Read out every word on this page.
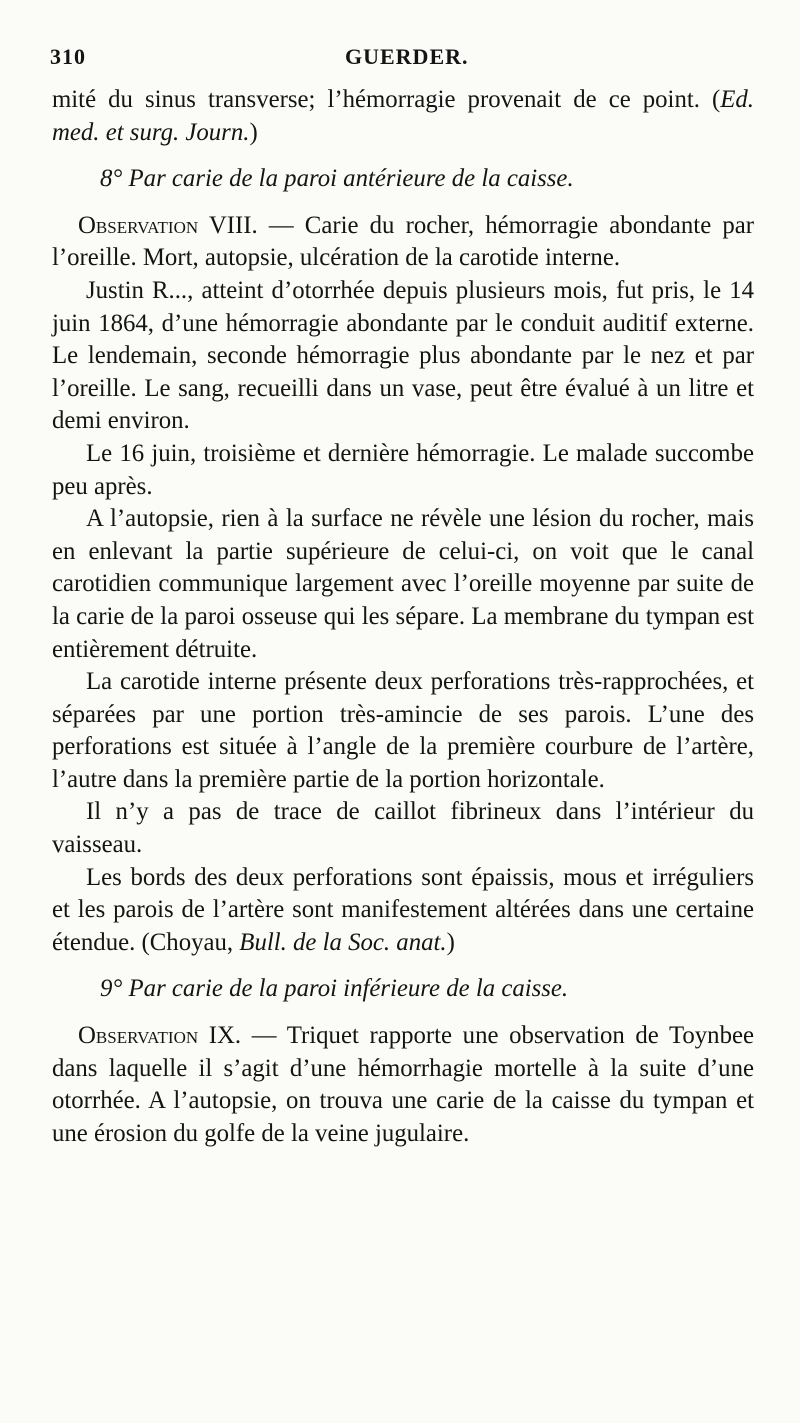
310	GUERDER.

mité du sinus transverse; l’hémorragie provenait de ce point. (Ed. med. et surg. Journ.)

8° Par carie de la paroi antérieure de la caisse.

Observation VIII. — Carie du rocher, hémorragie abondante par l’oreille. Mort, autopsie, ulcération de la carotide interne.

Justin R..., atteint d’otorrhée depuis plusieurs mois, fut pris, le 14 juin 1864, d’une hémorragie abondante par le conduit auditif externe. Le lendemain, seconde hémorragie plus abondante par le nez et par l’oreille. Le sang, recueilli dans un vase, peut être évalué à un litre et demi environ.

Le 16 juin, troisième et dernière hémorragie. Le malade succombe peu après.

A l’autopsie, rien à la surface ne révèle une lésion du rocher, mais en enlevant la partie supérieure de celui-ci, on voit que le canal carotidien communique largement avec l’oreille moyenne par suite de la carie de la paroi osseuse qui les sépare. La membrane du tympan est entièrement détruite.

La carotide interne présente deux perforations très-rapprochées, et séparées par une portion très-amincie de ses parois. L’une des perforations est située à l’angle de la première courbure de l’artère, l’autre dans la première partie de la portion horizontale.

Il n’y a pas de trace de caillot fibrineux dans l’intérieur du vaisseau.

Les bords des deux perforations sont épaissis, mous et irréguliers et les parois de l’artère sont manifestement altérées dans une certaine étendue. (Choyau, Bull. de la Soc. anat.)

9° Par carie de la paroi inférieure de la caisse.

Observation IX. — Triquet rapporte une observation de Toynbee dans laquelle il s’agit d’une hémorrhagie mortelle à la suite d’une otorrhée. A l’autopsie, on trouva une carie de la caisse du tympan et une érosion du golfe de la veine jugulaire.
